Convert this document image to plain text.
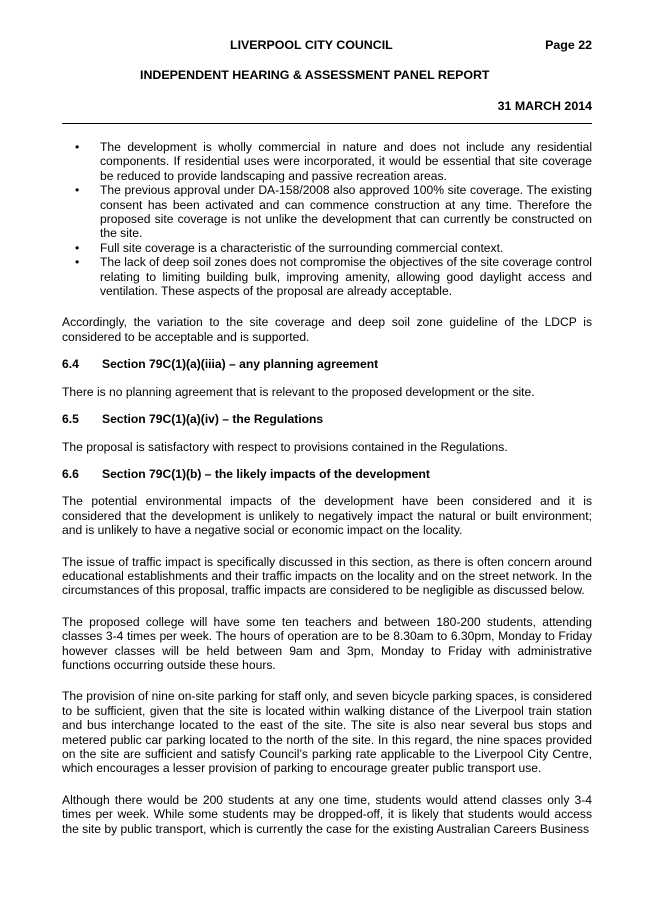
LIVERPOOL CITY COUNCIL	Page 22
INDEPENDENT HEARING & ASSESSMENT PANEL REPORT
31 MARCH 2014
• The development is wholly commercial in nature and does not include any residential components. If residential uses were incorporated, it would be essential that site coverage be reduced to provide landscaping and passive recreation areas.
• The previous approval under DA-158/2008 also approved 100% site coverage. The existing consent has been activated and can commence construction at any time. Therefore the proposed site coverage is not unlike the development that can currently be constructed on the site.
• Full site coverage is a characteristic of the surrounding commercial context.
• The lack of deep soil zones does not compromise the objectives of the site coverage control relating to limiting building bulk, improving amenity, allowing good daylight access and ventilation. These aspects of the proposal are already acceptable.

Accordingly, the variation to the site coverage and deep soil zone guideline of the LDCP is considered to be acceptable and is supported.

6.4	Section 79C(1)(a)(iiia) – any planning agreement

There is no planning agreement that is relevant to the proposed development or the site.

6.5	Section 79C(1)(a)(iv) – the Regulations

The proposal is satisfactory with respect to provisions contained in the Regulations.

6.6	Section 79C(1)(b) – the likely impacts of the development

The potential environmental impacts of the development have been considered and it is considered that the development is unlikely to negatively impact the natural or built environment; and is unlikely to have a negative social or economic impact on the locality.

The issue of traffic impact is specifically discussed in this section, as there is often concern around educational establishments and their traffic impacts on the locality and on the street network. In the circumstances of this proposal, traffic impacts are considered to be negligible as discussed below.

The proposed college will have some ten teachers and between 180-200 students, attending classes 3-4 times per week. The hours of operation are to be 8.30am to 6.30pm, Monday to Friday however classes will be held between 9am and 3pm, Monday to Friday with administrative functions occurring outside these hours.

The provision of nine on-site parking for staff only, and seven bicycle parking spaces, is considered to be sufficient, given that the site is located within walking distance of the Liverpool train station and bus interchange located to the east of the site. The site is also near several bus stops and metered public car parking located to the north of the site. In this regard, the nine spaces provided on the site are sufficient and satisfy Council’s parking rate applicable to the Liverpool City Centre, which encourages a lesser provision of parking to encourage greater public transport use.

Although there would be 200 students at any one time, students would attend classes only 3-4 times per week. While some students may be dropped-off, it is likely that students would access the site by public transport, which is currently the case for the existing Australian Careers Business
